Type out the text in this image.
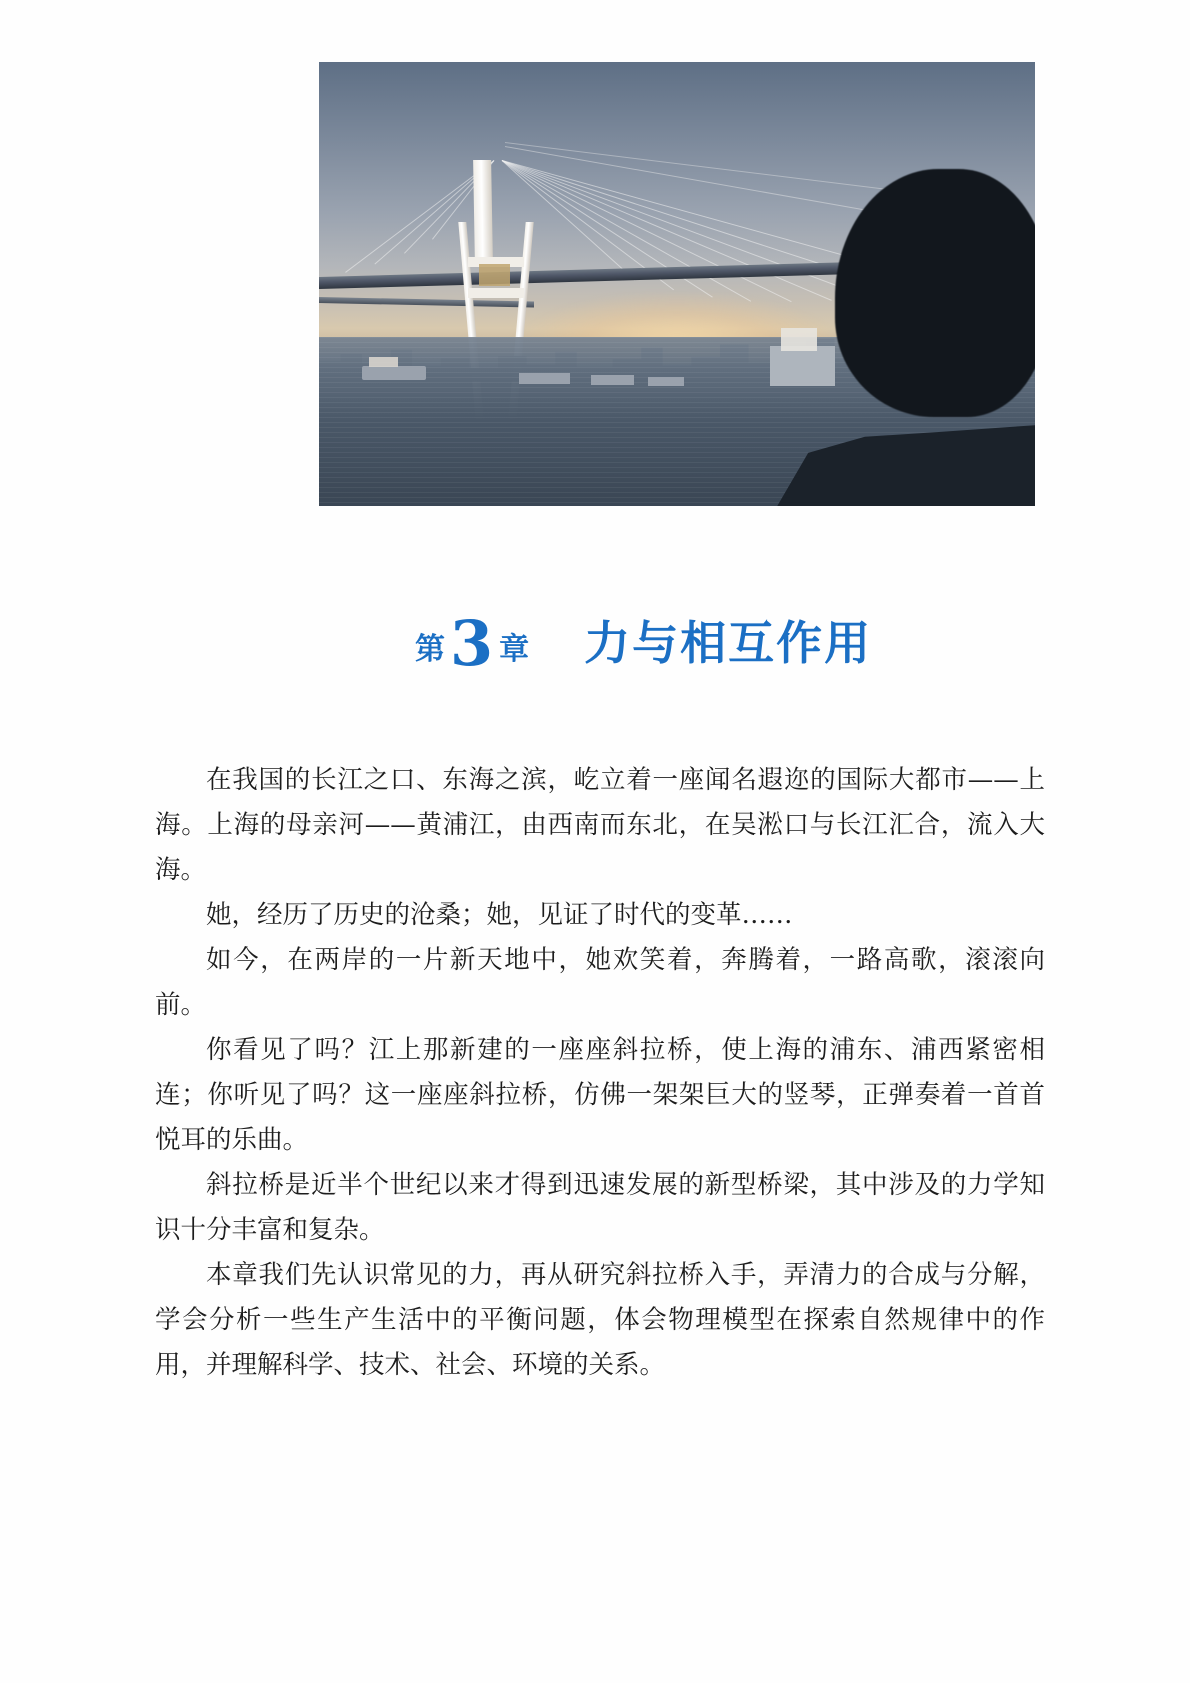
第 3 章 力与相互作用

在我国的长江之口、东海之滨，屹立着一座闻名遐迩的国际大都市——上海。上海的母亲河——黄浦江，由西南而东北，在吴淞口与长江汇合，流入大海。

她，经历了历史的沧桑；她，见证了时代的变革……

如今，在两岸的一片新天地中，她欢笑着，奔腾着，一路高歌，滚滚向前。

你看见了吗？江上那新建的一座座斜拉桥，使上海的浦东、浦西紧密相连；你听见了吗？这一座座斜拉桥，仿佛一架架巨大的竖琴，正弹奏着一首首悦耳的乐曲。

斜拉桥是近半个世纪以来才得到迅速发展的新型桥梁，其中涉及的力学知识十分丰富和复杂。

本章我们先认识常见的力，再从研究斜拉桥入手，弄清力的合成与分解，学会分析一些生产生活中的平衡问题，体会物理模型在探索自然规律中的作用，并理解科学、技术、社会、环境的关系。
